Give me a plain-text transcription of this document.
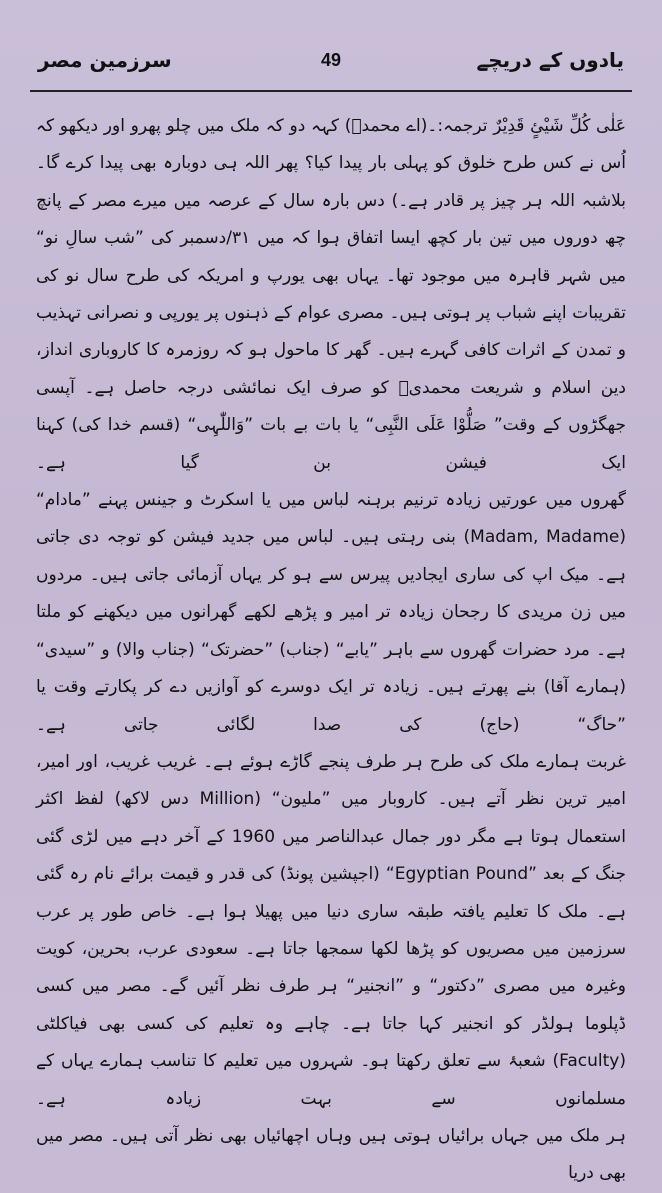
یادوں کے دریچے
49
سرزمین مصر

عَلٰی کُلِّ شَیْئٍ قَدِیْرٌ ترجمہ:۔(اے محمدؐ) کہہ دو کہ ملک میں چلو پھرو اور دیکھو کہ اُس نے کس طرح خلوق کو پہلی بار پیدا کیا؟ پھر اللہ ہی دوبارہ بھی پیدا کرے گا۔ بلاشبہ اللہ ہر چیز پر قادر ہے۔) دس بارہ سال کے عرصہ میں میرے مصر کے پانچ چھ دوروں میں تین بار کچھ ایسا اتفاق ہوا کہ میں ۳۱/دسمبر کی ”شب سالِ نو“ میں شہر قاہرہ میں موجود تھا۔ یہاں بھی یورپ و امریکہ کی طرح سال نو کی تقریبات اپنے شباب پر ہوتی ہیں۔ مصری عوام کے ذہنوں پر یورپی و نصرانی تہذیب و تمدن کے اثرات کافی گہرے ہیں۔ گھر کا ماحول ہو کہ روزمرہ کا کاروباری انداز، دین اسلام و شریعت محمدیؐ کو صرف ایک نمائشی درجہ حاصل ہے۔ آپسی جھگڑوں کے وقت” صَلُّوْا عَلَی النَّبِی“ یا بات بے بات ”وَاللّٰہِی“ (قسم خدا کی) کہنا ایک فیشن بن گیا ہے۔

گھروں میں عورتیں زیادہ ترنیم برہنہ لباس میں یا اسکرٹ و جینس پہنے ”مادام“ (Madam, Madame) بنی رہتی ہیں۔ لباس میں جدید فیشن کو توجہ دی جاتی ہے۔ میک اپ کی ساری ایجادیں پیرس سے ہو کر یہاں آزمائی جاتی ہیں۔ مردوں میں زن مریدی کا رجحان زیادہ تر امیر و پڑھے لکھے گھرانوں میں دیکھنے کو ملتا ہے۔ مرد حضرات گھروں سے باہر ”یابے“ (جناب) ”حضرتک“ (جناب والا) و ”سیدی“ (ہمارے آقا) بنے پھرتے ہیں۔ زیادہ تر ایک دوسرے کو آوازیں دے کر پکارتے وقت یا ”حاگ“ (حاج) کی صدا لگائی جاتی ہے۔

غربت ہمارے ملک کی طرح ہر طرف پنجے گاڑے ہوئے ہے۔ غریب غریب، اور امیر، امیر ترین نظر آتے ہیں۔ کاروبار میں ”ملیون“ (Million دس لاکھ) لفظ اکثر استعمال ہوتا ہے مگر دور جمال عبدالناصر میں 1960 کے آخر دہے میں لڑی گئی جنگ کے بعد ”Egyptian Pound“ (اجپشین پونڈ) کی قدر و قیمت برائے نام رہ گئی ہے۔ ملک کا تعلیم یافتہ طبقہ ساری دنیا میں پھیلا ہوا ہے۔ خاص طور پر عرب سرزمین میں مصریوں کو پڑھا لکھا سمجھا جاتا ہے۔ سعودی عرب، بحرین، کویت وغیرہ میں مصری ”دکتور“ و ”انجنیر“ ہر طرف نظر آئیں گے۔ مصر میں کسی ڈپلوما ہولڈر کو انجنیر کہا جاتا ہے۔ چاہے وہ تعلیم کی کسی بھی فیاکلٹی (Faculty) شعبۂ سے تعلق رکھتا ہو۔ شہروں میں تعلیم کا تناسب ہمارے یہاں کے مسلمانوں سے بہت زیادہ ہے۔

ہر ملک میں جہاں برائیاں ہوتی ہیں وہاں اچھائیاں بھی نظر آتی ہیں۔ مصر میں بھی دریا
